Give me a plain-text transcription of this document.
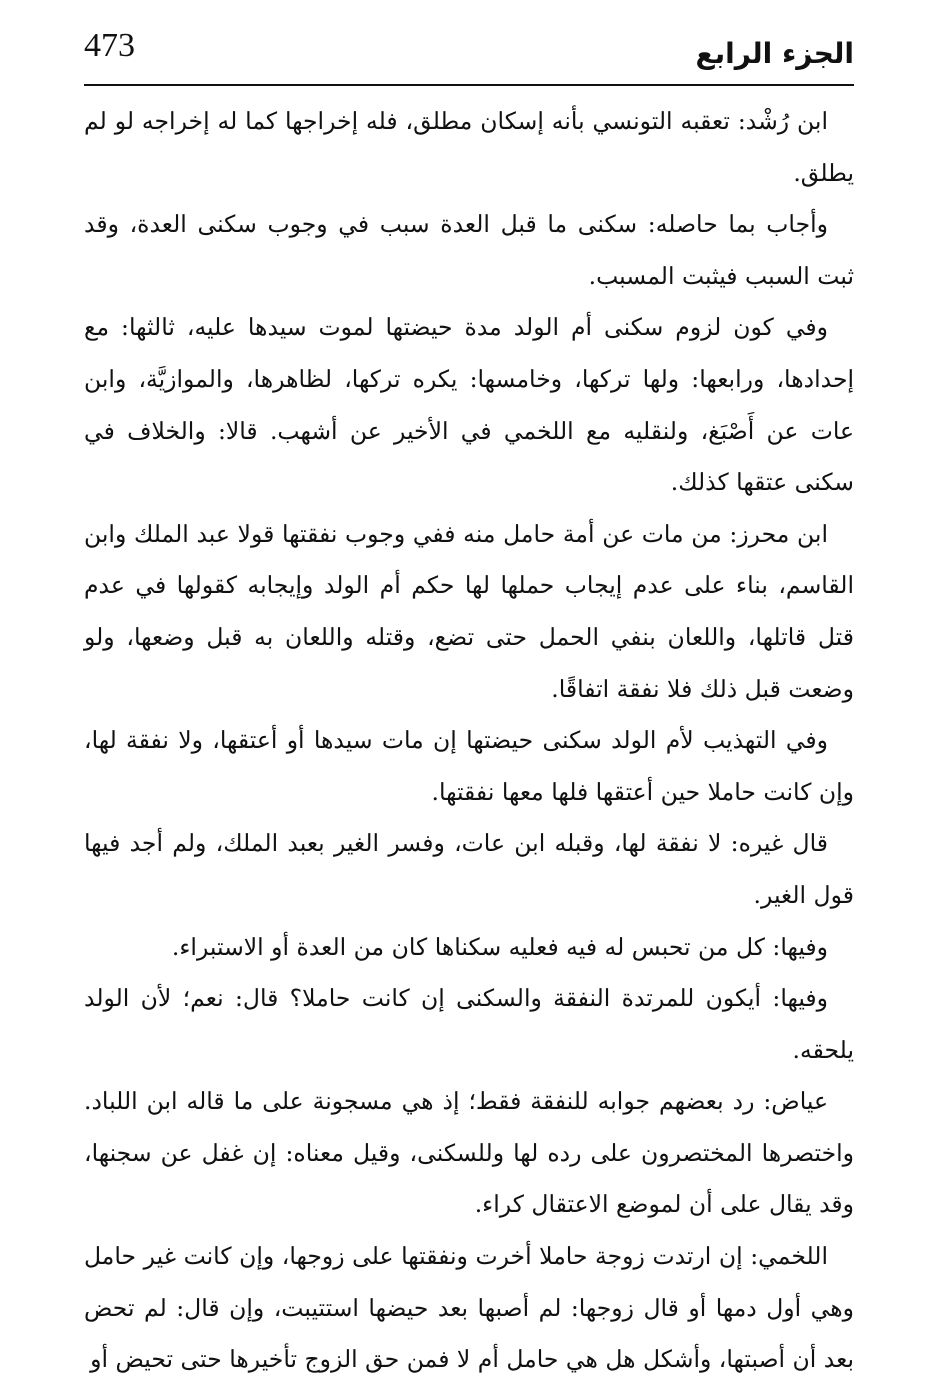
473	الجزء الرابع

ابن رُشْد: تعقبه التونسي بأنه إسكان مطلق، فله إخراجها كما له إخراجه لو لم يطلق.

وأجاب بما حاصله: سكنى ما قبل العدة سبب في وجوب سكنى العدة، وقد ثبت السبب فيثبت المسبب.

وفي كون لزوم سكنى أم الولد مدة حيضتها لموت سيدها عليه، ثالثها: مع إحدادها، ورابعها: ولها تركها، وخامسها: يكره تركها، لظاهرها، والموازيَّة، وابن عات عن أَصْبَغ، ولنقليه مع اللخمي في الأخير عن أشهب. قالا: والخلاف في سكنى عتقها كذلك.

ابن محرز: من مات عن أمة حامل منه ففي وجوب نفقتها قولا عبد الملك وابن القاسم، بناء على عدم إيجاب حملها لها حكم أم الولد وإيجابه كقولها في عدم قتل قاتلها، واللعان بنفي الحمل حتى تضع، وقتله واللعان به قبل وضعها، ولو وضعت قبل ذلك فلا نفقة اتفاقًا.

وفي التهذيب لأم الولد سكنى حيضتها إن مات سيدها أو أعتقها، ولا نفقة لها، وإن كانت حاملا حين أعتقها فلها معها نفقتها.

قال غيره: لا نفقة لها، وقبله ابن عات، وفسر الغير بعبد الملك، ولم أجد فيها قول الغير.

وفيها: كل من تحبس له فيه فعليه سكناها كان من العدة أو الاستبراء.

وفيها: أيكون للمرتدة النفقة والسكنى إن كانت حاملا؟ قال: نعم؛ لأن الولد يلحقه.

عياض: رد بعضهم جوابه للنفقة فقط؛ إذ هي مسجونة على ما قاله ابن اللباد. واختصرها المختصرون على رده لها وللسكنى، وقيل معناه: إن غفل عن سجنها، وقد يقال على أن لموضع الاعتقال كراء.

اللخمي: إن ارتدت زوجة حاملا أخرت ونفقتها على زوجها، وإن كانت غير حامل وهي أول دمها أو قال زوجها: لم أصبها بعد حيضها استتيبت، وإن قال: لم تحض بعد أن أصبتها، وأشكل هل هي حامل أم لا فمن حق الزوج تأخيرها حتى تحيض أو
